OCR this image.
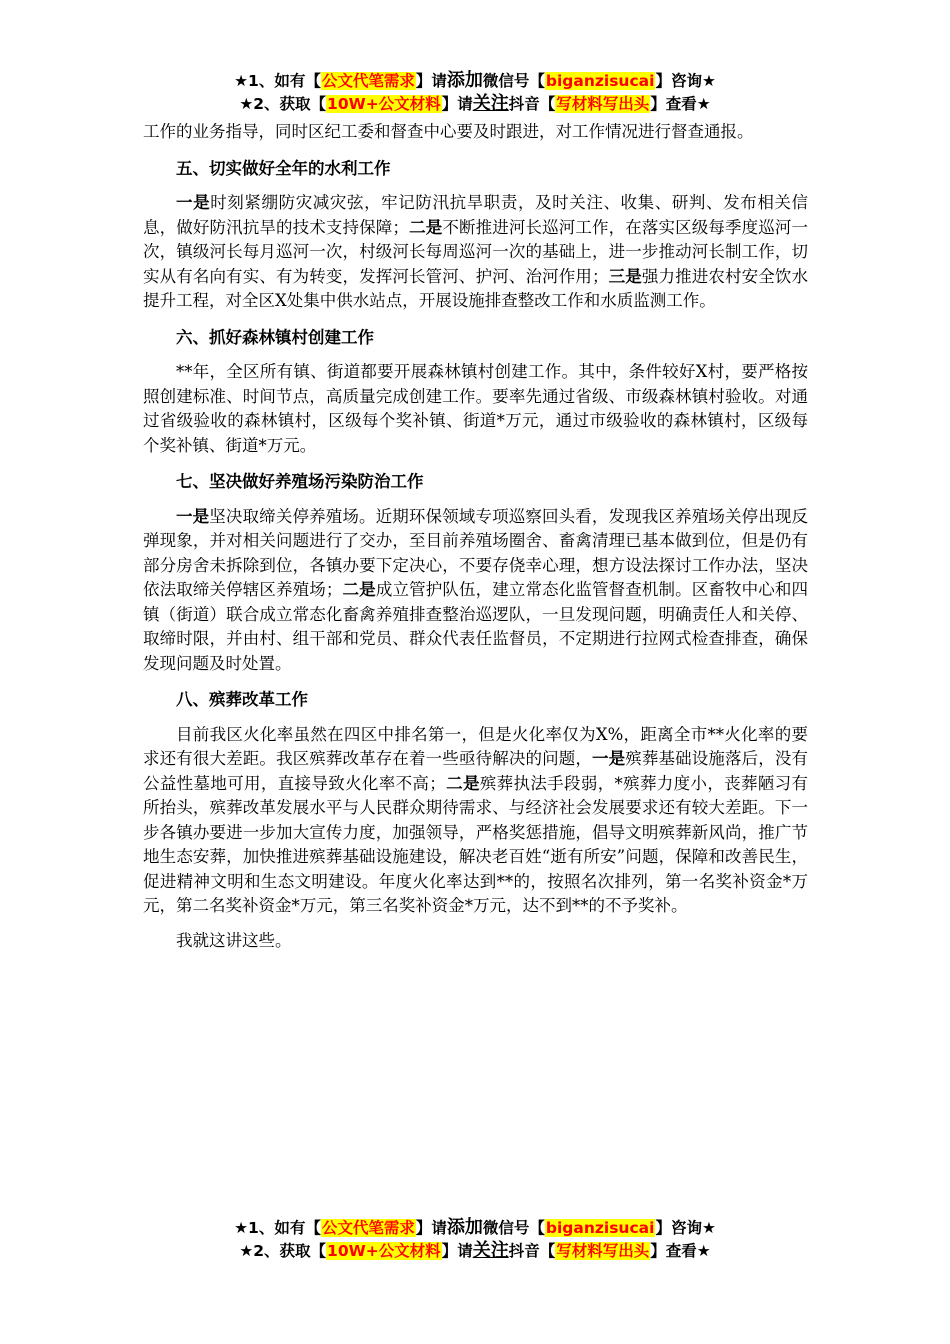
★1、如有【公文代笔需求】请添加微信号【biganzisucai】咨询★
★2、获取【10W+公文材料】请关注抖音【写材料写出头】查看★

工作的业务指导，同时区纪工委和督查中心要及时跟进，对工作情况进行督查通报。

五、切实做好全年的水利工作

一是时刻紧绷防灾减灾弦，牢记防汛抗旱职责，及时关注、收集、研判、发布相关信息，做好防汛抗旱的技术支持保障；二是不断推进河长巡河工作，在落实区级每季度巡河一次，镇级河长每月巡河一次，村级河长每周巡河一次的基础上，进一步推动河长制工作，切实从有名向有实、有为转变，发挥河长管河、护河、治河作用；三是强力推进农村安全饮水提升工程，对全区X处集中供水站点，开展设施排查整改工作和水质监测工作。

六、抓好森林镇村创建工作

**年，全区所有镇、街道都要开展森林镇村创建工作。其中，条件较好X村，要严格按照创建标准、时间节点，高质量完成创建工作。要率先通过省级、市级森林镇村验收。对通过省级验收的森林镇村，区级每个奖补镇、街道*万元，通过市级验收的森林镇村，区级每个奖补镇、街道*万元。

七、坚决做好养殖场污染防治工作

一是坚决取缔关停养殖场。近期环保领域专项巡察回头看，发现我区养殖场关停出现反弹现象，并对相关问题进行了交办，至目前养殖场圈舍、畜禽清理已基本做到位，但是仍有部分房舍未拆除到位，各镇办要下定决心，不要存侥幸心理，想方设法探讨工作办法，坚决依法取缔关停辖区养殖场；二是成立管护队伍，建立常态化监管督查机制。区畜牧中心和四镇（街道）联合成立常态化畜禽养殖排查整治巡逻队，一旦发现问题，明确责任人和关停、取缔时限，并由村、组干部和党员、群众代表任监督员，不定期进行拉网式检查排查，确保发现问题及时处置。

八、殡葬改革工作

目前我区火化率虽然在四区中排名第一，但是火化率仅为X%，距离全市**火化率的要求还有很大差距。我区殡葬改革存在着一些亟待解决的问题，一是殡葬基础设施落后，没有公益性墓地可用，直接导致火化率不高；二是殡葬执法手段弱，*殡葬力度小，丧葬陋习有所抬头，殡葬改革发展水平与人民群众期待需求、与经济社会发展要求还有较大差距。下一步各镇办要进一步加大宣传力度，加强领导，严格奖惩措施，倡导文明殡葬新风尚，推广节地生态安葬，加快推进殡葬基础设施建设，解决老百姓“逝有所安”问题，保障和改善民生，促进精神文明和生态文明建设。年度火化率达到**的，按照名次排列，第一名奖补资金*万元，第二名奖补资金*万元，第三名奖补资金*万元，达不到**的不予奖补。

我就这讲这些。

★1、如有【公文代笔需求】请添加微信号【biganzisucai】咨询★
★2、获取【10W+公文材料】请关注抖音【写材料写出头】查看★
